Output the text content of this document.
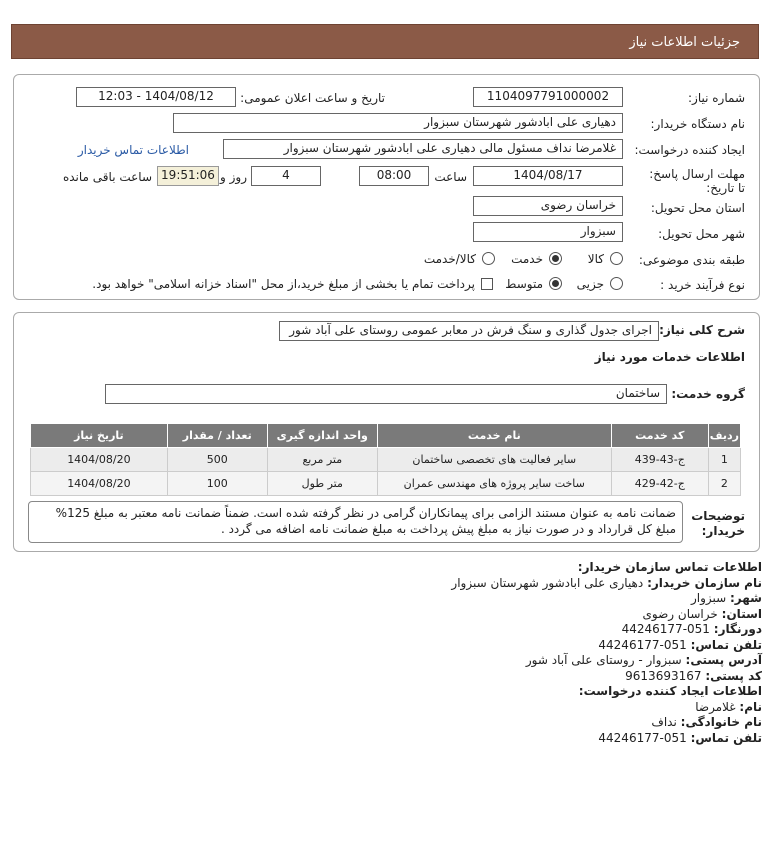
جزئیات اطلاعات نیاز
شماره نیاز:
1104097791000002
تاریخ و ساعت اعلان عمومی:
1404/08/12 - 12:03
نام دستگاه خریدار:
دهیاری علی ابادشور شهرستان سبزوار
ایجاد کننده درخواست:
غلامرضا نداف مسئول مالی دهیاری علی ابادشور شهرستان سبزوار
اطلاعات تماس خریدار
مهلت ارسال پاسخ: تا تاریخ:
1404/08/17
ساعت
08:00
4
روز و
19:51:06
ساعت باقی مانده
استان محل تحویل:
خراسان رضوی
شهر محل تحویل:
سبزوار
طبقه بندی موضوعی:
کالا
خدمت
کالا/خدمت
نوع فرآیند خرید :
جزیی
متوسط
پرداخت تمام یا بخشی از مبلغ خرید،از محل "اسناد خزانه اسلامی" خواهد بود.
شرح کلی نیاز:
اجرای جدول گذاری و سنگ فرش در معابر عمومی روستای علی آباد شور
اطلاعات خدمات مورد نیاز
گروه خدمت:
ساختمان
توضیحات خریدار:
ردیف	کد خدمت	نام خدمت	واحد اندازه گیری	تعداد / مقدار	تاریخ نیاز
1	ج-43-439	سایر فعالیت های تخصصی ساختمان	متر مربع	500	1404/08/20
2	ج-42-429	ساخت سایر پروژه های مهندسی عمران	متر طول	100	1404/08/20
ضمانت نامه به عنوان مستند الزامی برای پیمانکاران گرامی در نظر گرفته شده است. ضمناً ضمانت نامه معتبر به مبلغ 125% مبلغ کل قرارداد و در صورت نیاز به مبلغ پیش پرداخت به مبلغ ضمانت نامه اضافه می گردد .
اطلاعات تماس سازمان خریدار:
نام سازمان خریدار: دهیاری علی ابادشور شهرستان سبزوار
شهر: سبزوار
استان: خراسان رضوی
دورنگار: 051-44246177
تلفن تماس: 051-44246177
آدرس پستی: سبزوار - روستای علی آباد شور
کد پستی: 9613693167
اطلاعات ایجاد کننده درخواست:
نام: غلامرضا
نام خانوادگی: نداف
تلفن تماس: 051-44246177
